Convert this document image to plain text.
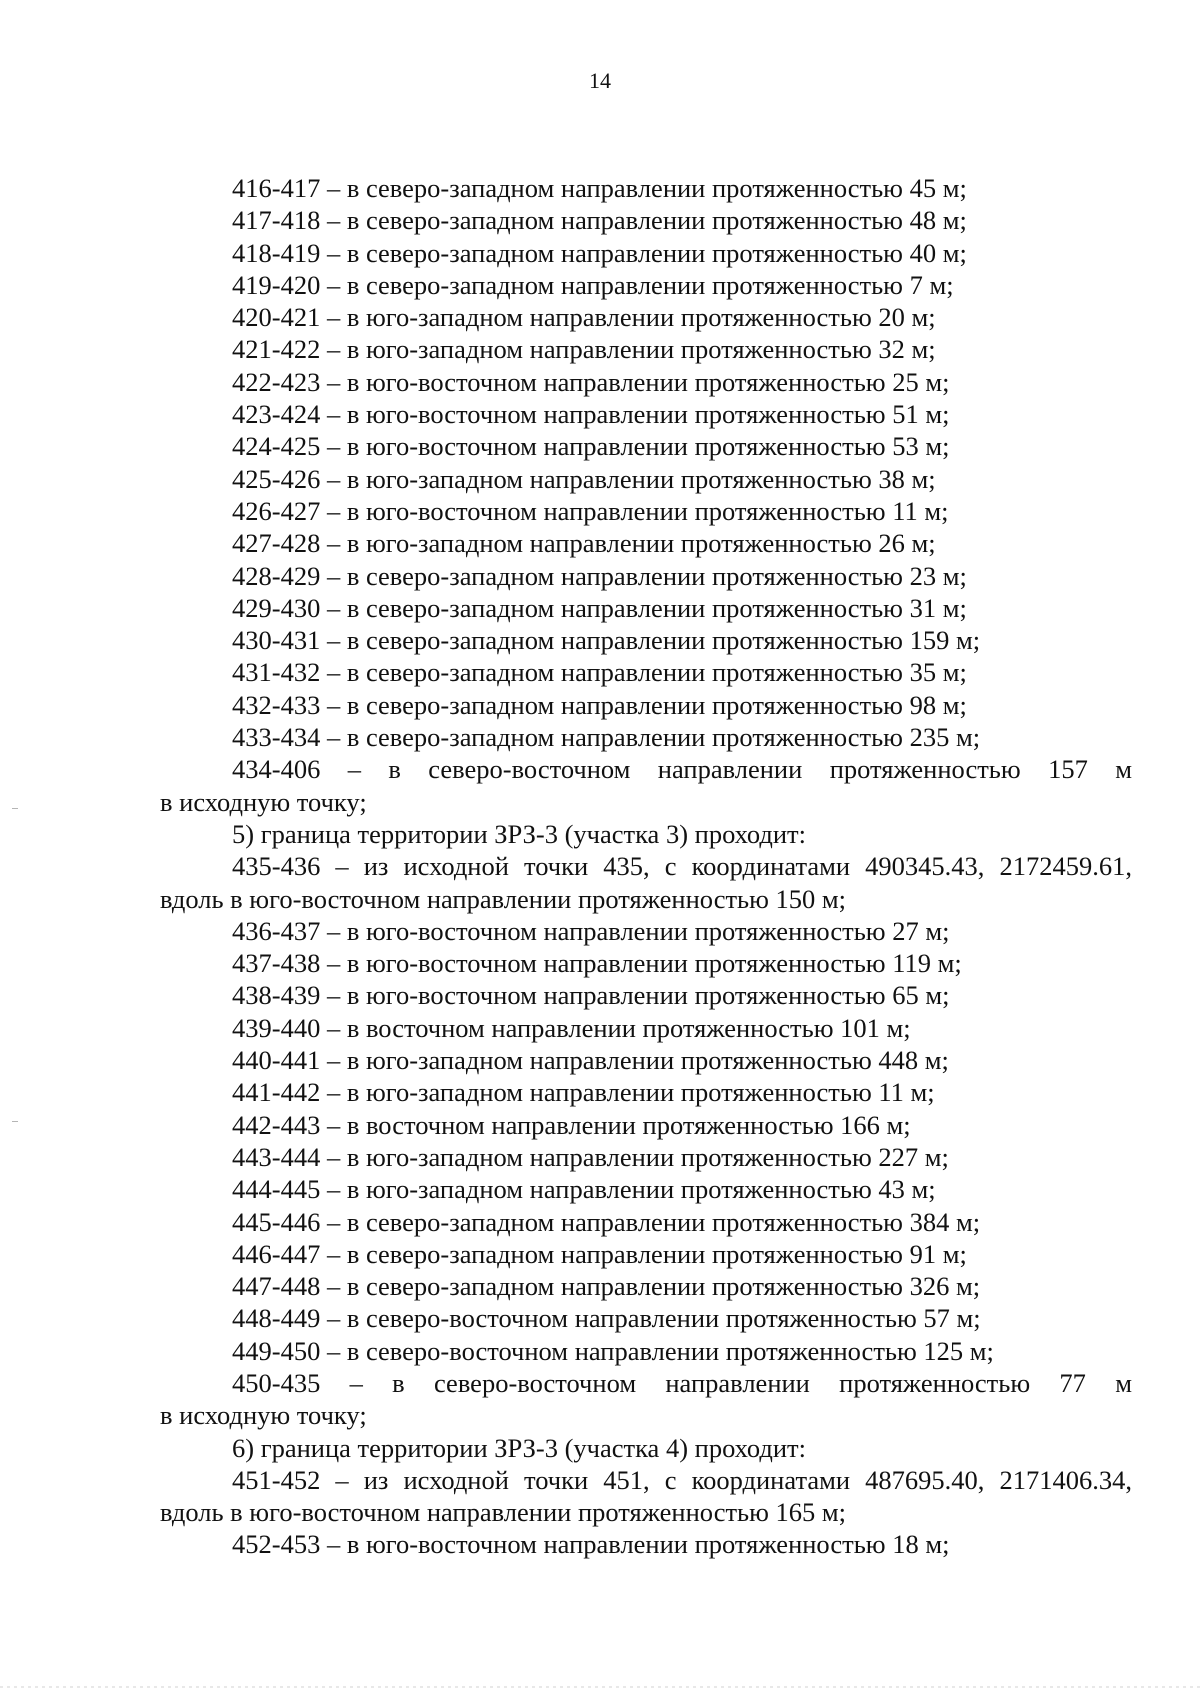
14
416-417 – в северо-западном направлении протяженностью 45 м;
417-418 – в северо-западном направлении протяженностью 48 м;
418-419 – в северо-западном направлении протяженностью 40 м;
419-420 – в северо-западном направлении протяженностью 7 м;
420-421 – в юго-западном направлении протяженностью 20 м;
421-422 – в юго-западном направлении протяженностью 32 м;
422-423 – в юго-восточном направлении протяженностью 25 м;
423-424 – в юго-восточном направлении протяженностью 51 м;
424-425 – в юго-восточном направлении протяженностью 53 м;
425-426 – в юго-западном направлении протяженностью 38 м;
426-427 – в юго-восточном направлении протяженностью 11 м;
427-428 – в юго-западном направлении протяженностью 26 м;
428-429 – в северо-западном направлении протяженностью 23 м;
429-430 – в северо-западном направлении протяженностью 31 м;
430-431 – в северо-западном направлении протяженностью 159 м;
431-432 – в северо-западном направлении протяженностью 35 м;
432-433 – в северо-западном направлении протяженностью 98 м;
433-434 – в северо-западном направлении протяженностью 235 м;
434-406 – в северо-восточном направлении протяженностью 157 м
в исходную точку;
5) граница территории ЗРЗ-3 (участка 3) проходит:
435-436 – из исходной точки 435, с координатами 490345.43, 2172459.61,
вдоль в юго-восточном направлении протяженностью 150 м;
436-437 – в юго-восточном направлении протяженностью 27 м;
437-438 – в юго-восточном направлении протяженностью 119 м;
438-439 – в юго-восточном направлении протяженностью 65 м;
439-440 – в восточном направлении протяженностью 101 м;
440-441 – в юго-западном направлении протяженностью 448 м;
441-442 – в юго-западном направлении протяженностью 11 м;
442-443 – в восточном направлении протяженностью 166 м;
443-444 – в юго-западном направлении протяженностью 227 м;
444-445 – в юго-западном направлении протяженностью 43 м;
445-446 – в северо-западном направлении протяженностью 384 м;
446-447 – в северо-западном направлении протяженностью 91 м;
447-448 – в северо-западном направлении протяженностью 326 м;
448-449 – в северо-восточном направлении протяженностью 57 м;
449-450 – в северо-восточном направлении протяженностью 125 м;
450-435 – в северо-восточном направлении протяженностью 77 м
в исходную точку;
6) граница территории ЗРЗ-3 (участка 4) проходит:
451-452 – из исходной точки 451, с координатами 487695.40, 2171406.34,
вдоль в юго-восточном направлении протяженностью 165 м;
452-453 – в юго-восточном направлении протяженностью 18 м;
